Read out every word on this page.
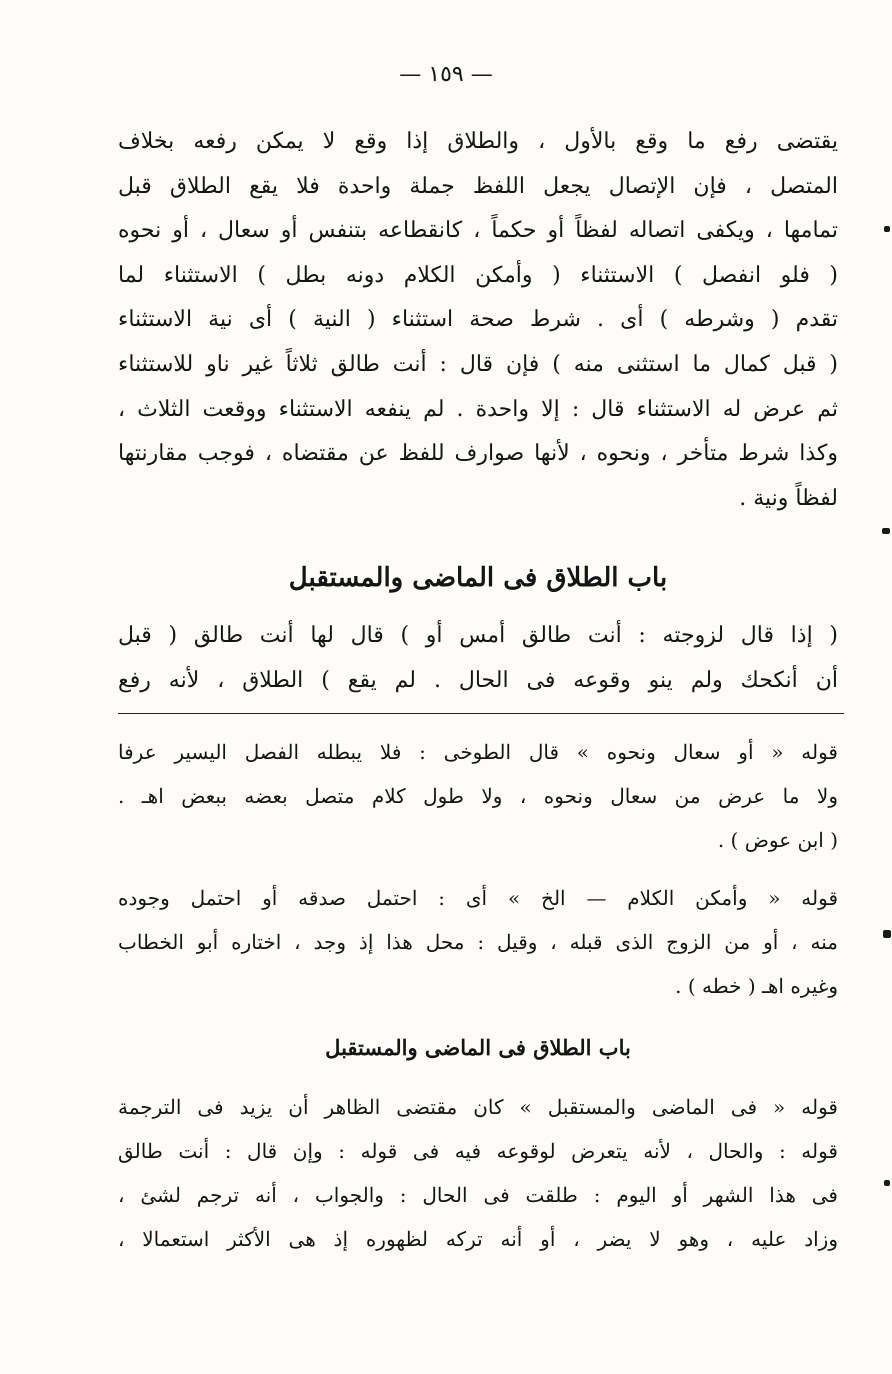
— ١٥٩ —
يقتضى رفع ما وقع بالأول ، والطلاق إذا وقع لا يمكن رفعه بخلاف
المتصل ، فإن الإتصال يجعل اللفظ جملة واحدة فلا يقع الطلاق قبل
تمامها ، ويكفى اتصاله لفظاً أو حكماً ، كانقطاعه بتنفس أو سعال ، أو نحوه
( فلو انفصل ) الاستثناء ( وأمكن الكلام دونه بطل ) الاستثناء لما
تقدم ( وشرطه ) أى . شرط صحة استثناء ( النية ) أى نية الاستثناء
( قبل كمال ما استثنى منه ) فإن قال : أنت طالق ثلاثاً غير ناو للاستثناء
ثم عرض له الاستثناء قال : إلا واحدة . لم ينفعه الاستثناء ووقعت الثلاث ،
وكذا شرط متأخر ، ونحوه ، لأنها صوارف للفظ عن مقتضاه ، فوجب مقارنتها
لفظاً ونية .
باب الطلاق فى الماضى والمستقبل
( إذا قال لزوجته : أنت طالق أمس أو ) قال لها أنت طالق ( قبل
أن أنكحك ولم ينو وقوعه فى الحال . لم يقع ) الطلاق ، لأنه رفع
قوله « أو سعال ونحوه » قال الطوخى : فلا يبطله الفصل اليسير عرفا
ولا ما عرض من سعال ونحوه ، ولا طول كلام متصل بعضه ببعض اهـ .
( ابن عوض ) .
قوله « وأمكن الكلام — الخ » أى : احتمل صدقه أو احتمل وجوده
منه ، أو من الزوج الذى قبله ، وقيل : محل هذا إذ وجد ، اختاره أبو الخطاب
وغيره اهـ ( خطه ) .
باب الطلاق فى الماضى والمستقبل
قوله « فى الماضى والمستقبل » كان مقتضى الظاهر أن يزيد فى الترجمة
قوله : والحال ، لأنه يتعرض لوقوعه فيه فى قوله : وإن قال : أنت طالق
فى هذا الشهر أو اليوم : طلقت فى الحال : والجواب ، أنه ترجم لشئ ،
وزاد عليه ، وهو لا يضر ، أو أنه تركه لظهوره إذ هى الأكثر استعمالا ،
